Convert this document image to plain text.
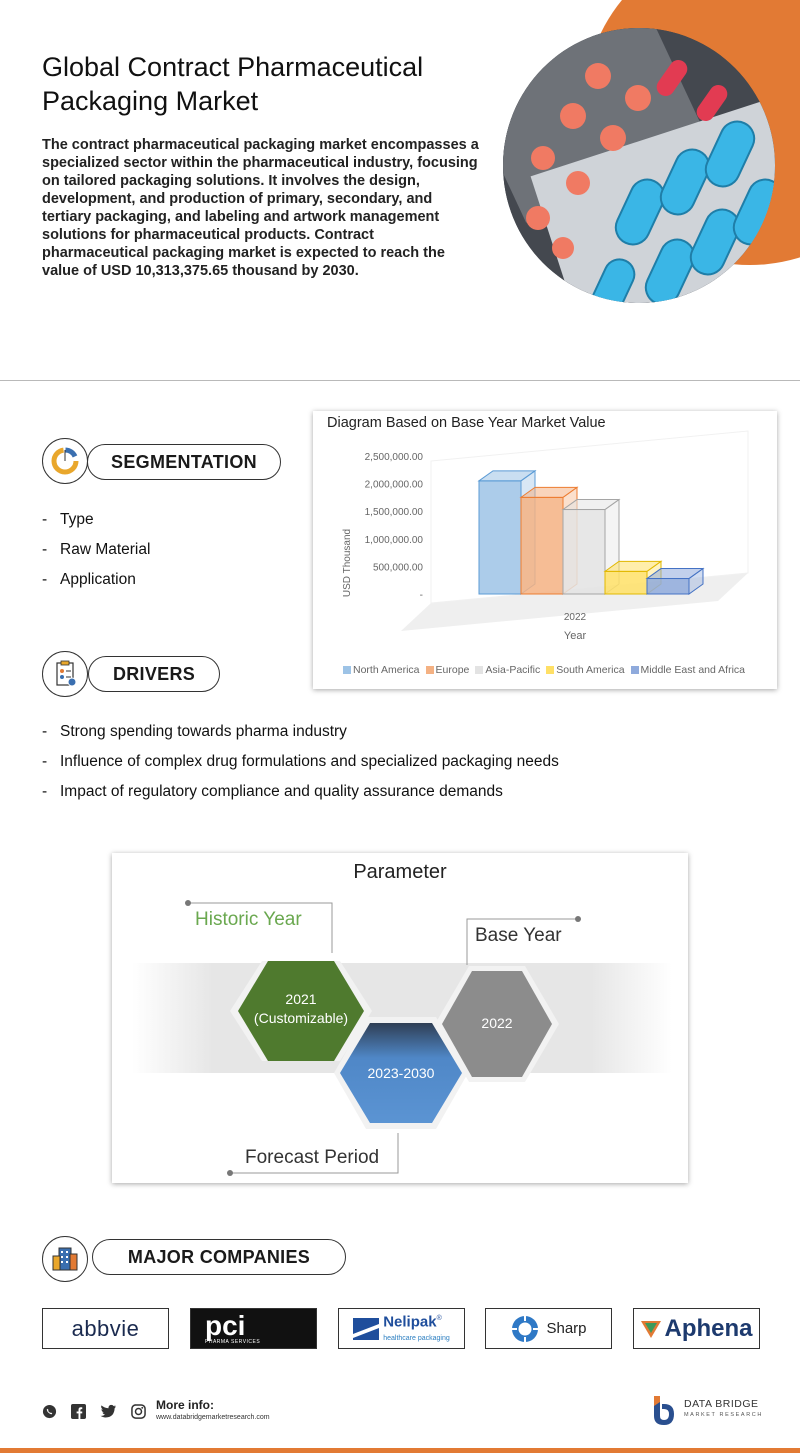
Global Contract Pharmaceutical
Packaging Market

The contract pharmaceutical packaging market encompasses a specialized sector within the pharmaceutical industry, focusing on tailored packaging solutions. It involves the design, development, and production of primary, secondary, and tertiary packaging, and labeling and artwork management solutions for pharmaceutical products. Contract pharmaceutical packaging market is expected to reach the value of USD 10,313,375.65 thousand by 2030.

SEGMENTATION
- Type
- Raw Material
- Application
Diagram Based on Base Year Market Value
2,500,000.00
2,000,000.00
1,500,000.00
1,000,000.00
500,000.00
-
USD Thousand
2022
Year
North America	Europe	Asia-Pacific	South America	Middle East and Africa
DRIVERS
- Strong spending towards pharma industry
- Influence of complex drug formulations and specialized packaging needs
- Impact of regulatory compliance and quality assurance demands
Parameter
Historic Year
Base Year
Forecast Period
2021
(Customizable)
2023-2030
2022
MAJOR COMPANIES
abbvie pci
PHARMA SERVICES
Nelipak®
healthcare packaging
Sharp	Aphena
More info:
www.databridgemarketresearch.com
DATA BRIDGE
MARKET RESEARCH
